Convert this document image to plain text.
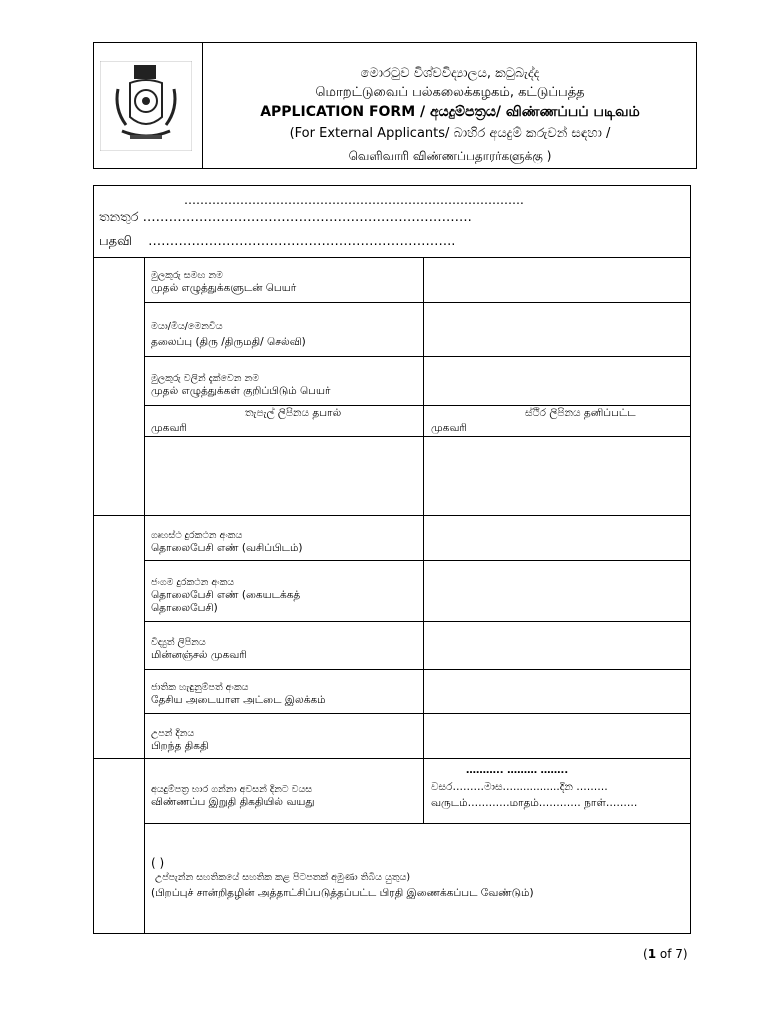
මොරටුව විශ්වවිද්‍යාලය, කටුබැද්ද
மொறட்டுவைப் பல்கலைக்கழகம், கட்டுப்பத்த
APPLICATION FORM / අයදුම්පත්‍රය/ விண்ணப்பப் படிவம்
(For External Applicants/ බාහිර අයදුම් කරුවන් සඳහා /
வெளிவாரி விண்ணப்பதாரர்களுக்கு )
………………………………………………………………………….
තනතුර ………………………………………………………………….
பதவி ……………………………………………………………..
මුලකුරු සමඟ නම
முதல் எழுத்துக்களுடன் பெயர்
මයා/මිය/මෙනවිය
தலைப்பு (திரு /திருமதி/ செல்வி)
මුලකුරු වලින් දැක්වෙන නම
முதல் எழுத்துக்கள் குறிப்பிடும் பெயர்
තැපැල් ලිපිනය தபால்
முகவரி
ස්ථිර ලිපිනය தனிப்பட்ட
முகவரி
ගෘහස්ථ දුරකථන අංකය
தொலைபேசி எண் (வசிப்பிடம்)
ජංගම දුරකථන අංකය
தொலைபேசி எண் (கையடக்கத்
தொலைபேசி)
විද්‍යුත් ලිපිනය
மின்னஞ்சல் முகவரி
ජාතික හැඳුනුම්පත් අංකය
தேசிய அடையாள அட்டை இலக்கம்
උපන් දිනය
பிறந்த திகதி
අයදුම්පත්‍ර භාර ගන්නා අවසන් දිනට වයස
விண்ணப்ப இறுதி திகதியில் வயது
……….. ……… ……..
වසර………මාස…..............දින ………
வருடம்…………மாதம்………… நாள்………
( )
උප්පැන්න සහතිකයේ සහතික කළ පිටපතක් අමුණා තිබිය යුතුය)
(பிறப்புச் சான்றிதழின் அத்தாட்சிப்படுத்தப்பட்ட பிரதி இணைக்கப்பட வேண்டும்)
(1 of 7)
